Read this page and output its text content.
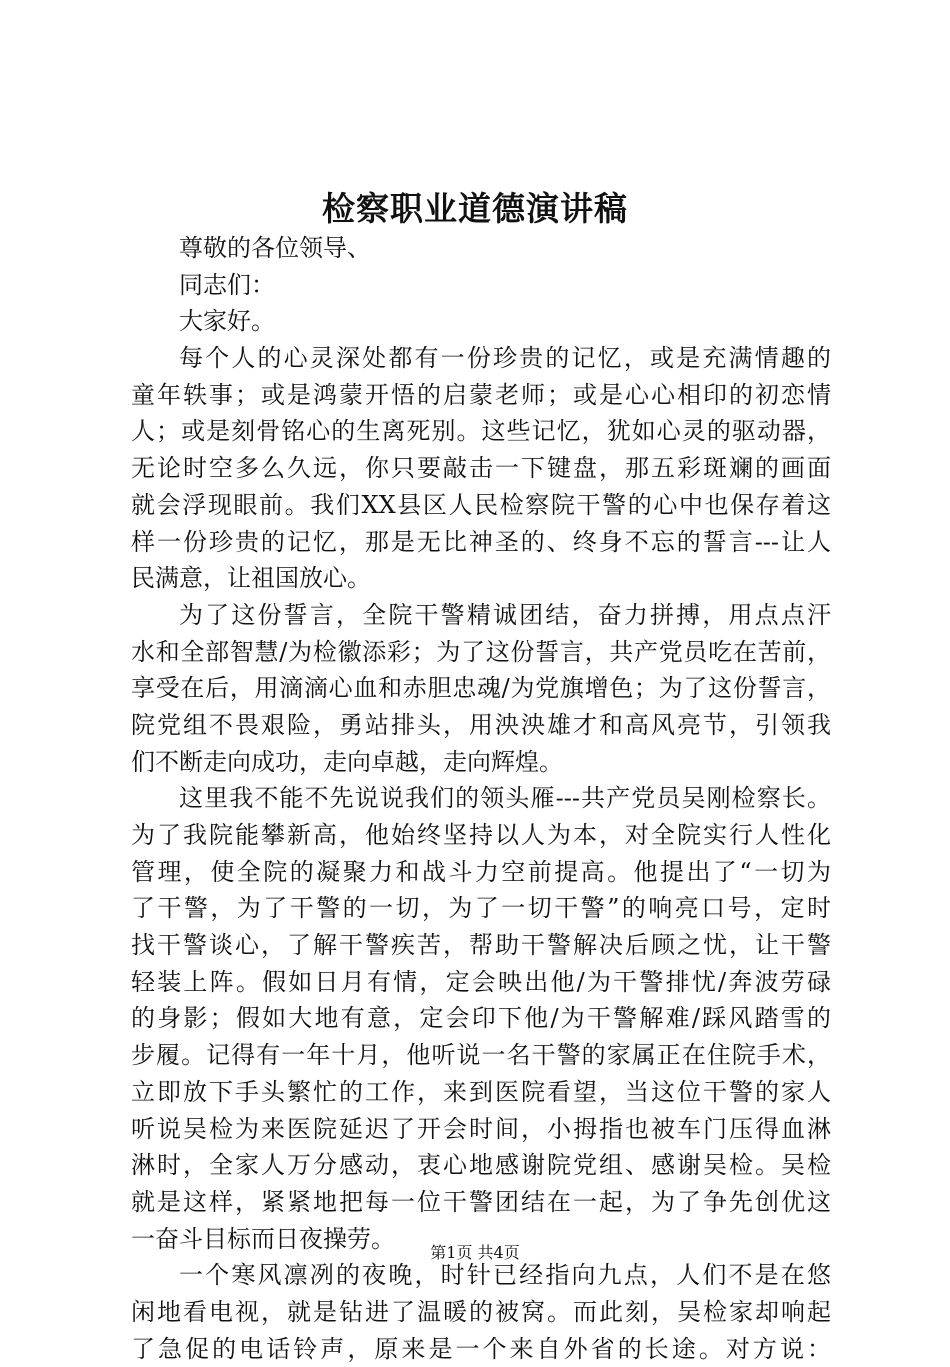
检察职业道德演讲稿
尊敬的各位领导、
同志们：
大家好。
每个人的心灵深处都有一份珍贵的记忆，或是充满情趣的
童年轶事；或是鸿蒙开悟的启蒙老师；或是心心相印的初恋情
人；或是刻骨铭心的生离死别。这些记忆，犹如心灵的驱动器，
无论时空多么久远，你只要敲击一下键盘，那五彩斑斓的画面
就会浮现眼前。我们XX县区人民检察院干警的心中也保存着这
样一份珍贵的记忆，那是无比神圣的、终身不忘的誓言---让人
民满意，让祖国放心。
为了这份誓言，全院干警精诚团结，奋力拼搏，用点点汗
水和全部智慧/为检徽添彩；为了这份誓言，共产党员吃在苦前，
享受在后，用滴滴心血和赤胆忠魂/为党旗增色；为了这份誓言，
院党组不畏艰险，勇站排头，用泱泱雄才和高风亮节，引领我
们不断走向成功，走向卓越，走向辉煌。
这里我不能不先说说我们的领头雁---共产党员吴刚检察长。
为了我院能攀新高，他始终坚持以人为本，对全院实行人性化
管理，使全院的凝聚力和战斗力空前提高。他提出了“一切为
了干警，为了干警的一切，为了一切干警”的响亮口号，定时
找干警谈心，了解干警疾苦，帮助干警解决后顾之忧，让干警
轻装上阵。假如日月有情，定会映出他/为干警排忧/奔波劳碌
的身影；假如大地有意，定会印下他/为干警解难/踩风踏雪的
步履。记得有一年十月，他听说一名干警的家属正在住院手术，
立即放下手头繁忙的工作，来到医院看望，当这位干警的家人
听说吴检为来医院延迟了开会时间，小拇指也被车门压得血淋
淋时，全家人万分感动，衷心地感谢院党组、感谢吴检。吴检
就是这样，紧紧地把每一位干警团结在一起，为了争先创优这
一奋斗目标而日夜操劳。
一个寒风凛冽的夜晚，时针已经指向九点，人们不是在悠
闲地看电视，就是钻进了温暖的被窝。而此刻，吴检家却响起
了急促的电话铃声，原来是一个来自外省的长途。对方说：
第1页 共4页
